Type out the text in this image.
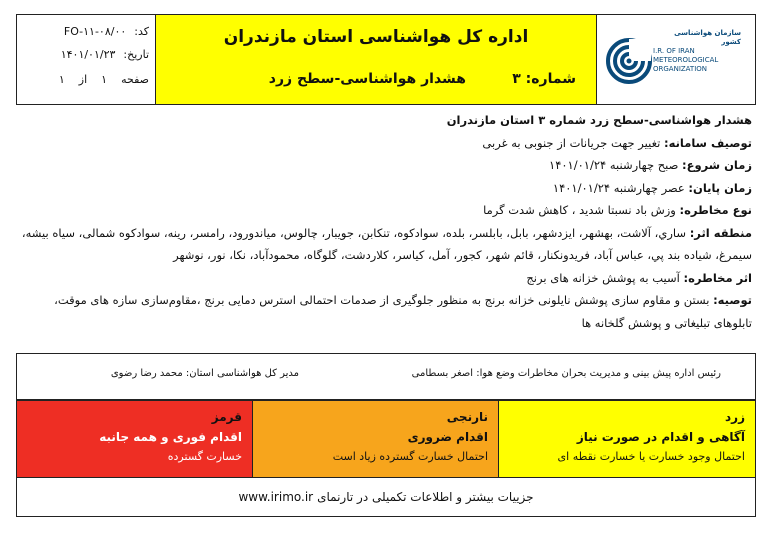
کد:
FO-۱۱-۰۸/۰۰
تاریخ:
۱۴۰۱/۰۱/۲۳
صفحه
۱
از
۱
اداره کل هواشناسی استان مازندران
هشدار هواشناسی-سطح زرد	شماره: ۳
سازمان هواشناسی کشور
I.R. OF IRAN
METEOROLOGICAL
ORGANIZATION
هشدار هواشناسی-سطح زرد شماره ۳ استان مازندران
توصیف سامانه: تغییر جهت جریانات از جنوبی به غربی
زمان شروع: صبح چهارشنبه ۱۴۰۱/۰۱/۲۴
زمان پایان: عصر چهارشنبه ۱۴۰۱/۰۱/۲۴
نوع مخاطره: وزش باد نسبتا شدید ، کاهش شدت گرما
منطقه اثر: ساري، آلاشت، بهشهر، ایزدشهر، بابل، بابلسر، بلده، سوادکوه، تنکابن، جویبار، چالوس، میاندورود، رامسر، رینه، سوادکوه شمالی، سیاه بیشه، سیمرغ، شیاده بند پي، عباس آباد، فریدونکنار، قائم شهر، کجور، آمل، کیاسر، کلاردشت، گلوگاه، محمودآباد، نکا، نور، نوشهر
اثر مخاطره: آسیب به پوشش خزانه های برنج
توصیه: بستن و مقاوم سازی پوشش نایلونی خزانه برنج به منظور جلوگیری از صدمات احتمالی استرس دمایی برنج ،مقاوم‌سازی سازه های موقت، تابلوهای تبلیغاتی و پوشش گلخانه ها
رئیس اداره پیش بینی و مدیریت بحران مخاطرات وضع هوا: اصغر بسطامی
مدیر کل هواشناسی استان: محمد رضا رضوی
قرمز
اقدام فوری و همه جانبه
خسارت گسترده
نارنجی
اقدام ضروری
احتمال خسارت گسترده زیاد است
زرد
آگاهی و اقدام در صورت نیاز
احتمال وجود خسارت یا خسارت نقطه ای
جزییات بیشتر و اطلاعات تکمیلی در تارنمای
www.irimo.ir
